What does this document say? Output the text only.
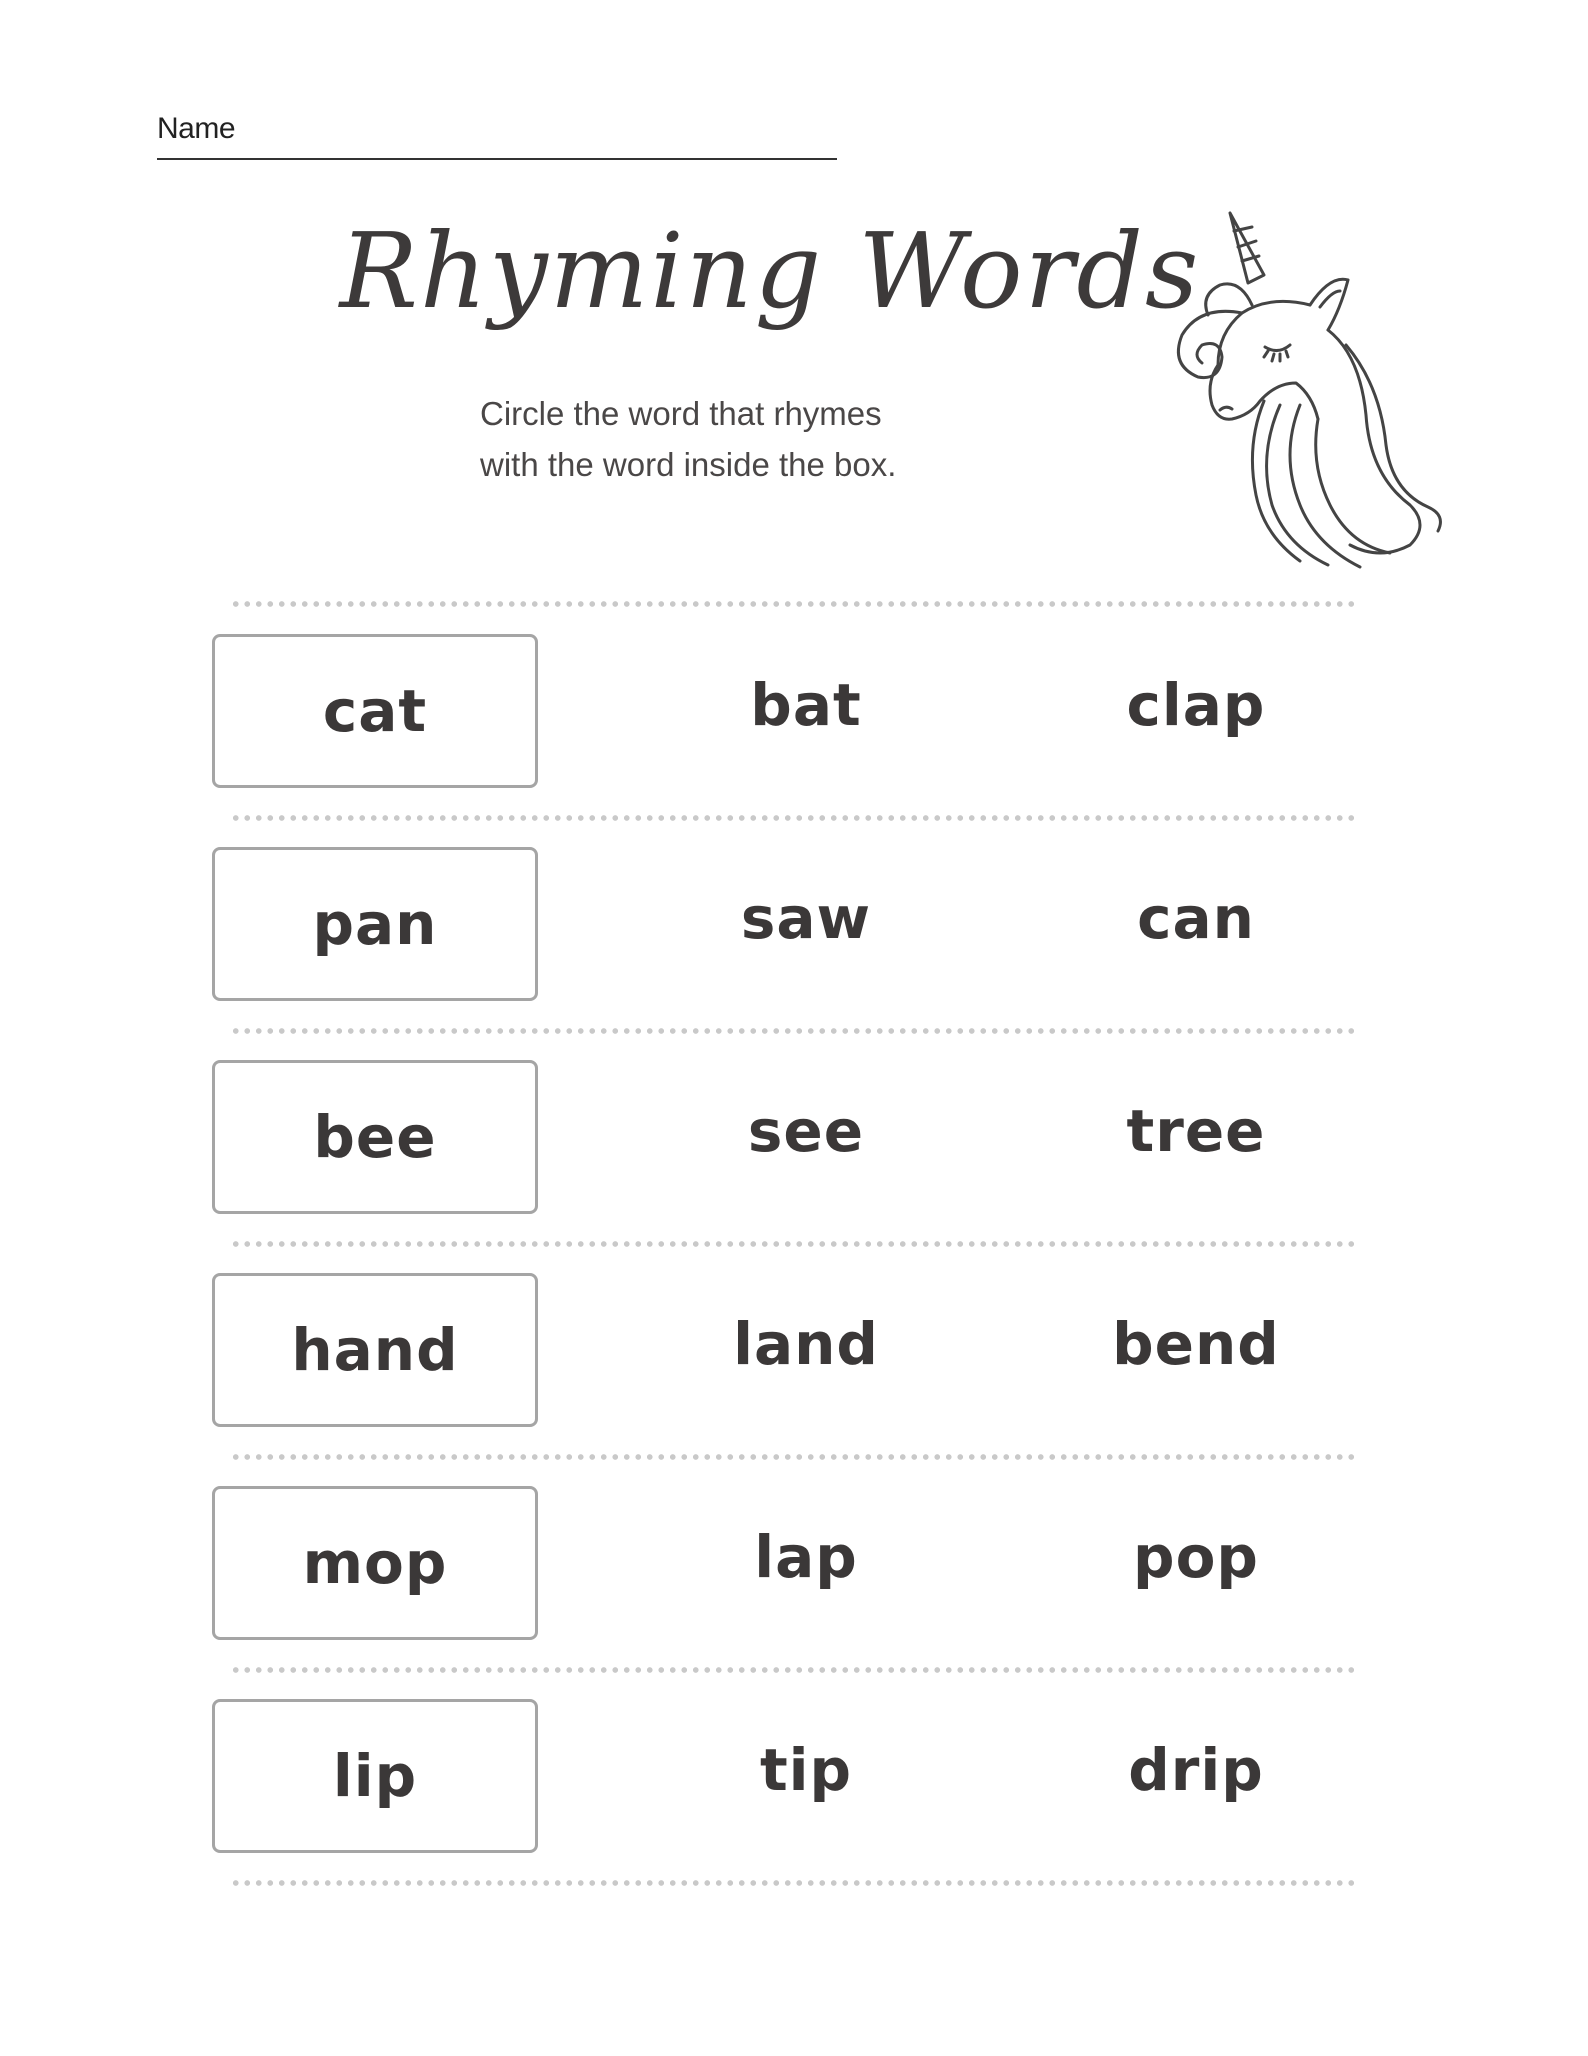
Name
Rhyming Words
Circle the word that rhymes
with the word inside the box.
cat	bat	clap
pan	saw	can
bee	see	tree
hand	land	bend
mop	lap	pop
lip	tip	drip
